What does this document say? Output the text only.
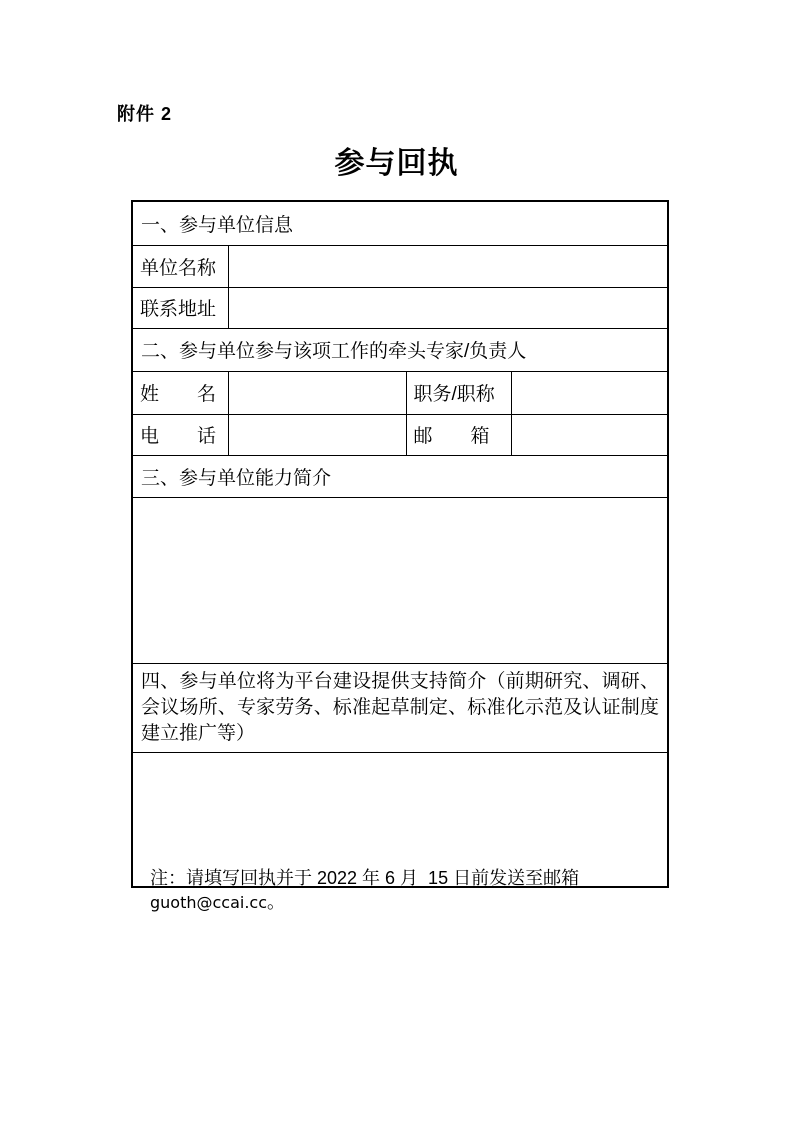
附件 2
参与回执
一、参与单位信息			
单位名称			
联系地址			
二、参与单位参与该项工作的牵头专家/负责人			
姓　　名		职务/职称	
电　　话		邮　　箱	
三、参与单位能力简介			

四、参与单位将为平台建设提供支持简介（前期研究、调研、会议场所、专家劳务、标准起草制定、标准化示范及认证制度建立推广等）			

注：请填写回执并于 2022 年 6 月  15 日前发送至邮箱 guoth@ccai.cc。
